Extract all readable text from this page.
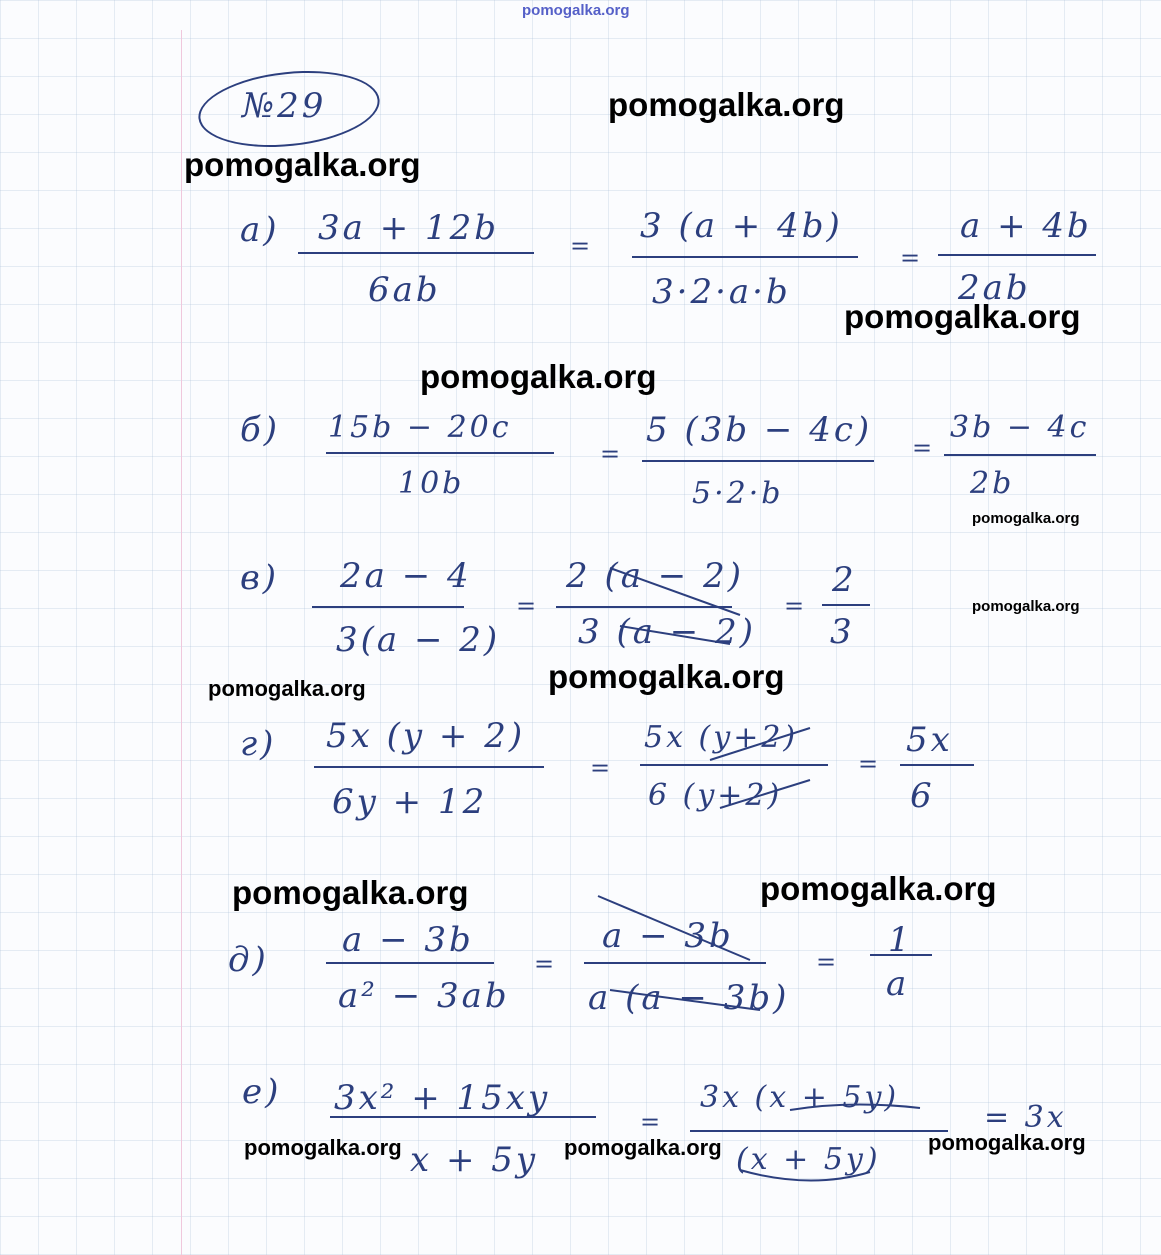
pomogalka.org
№29
а) 3a + 12b
6ab
= 3 (a + 4b)
3·2·a·b
=
a + 4b
2ab
б) 15b − 20c
10b
=
5 (3b − 4c)
5·2·b
=
3b − 4c
2b
в) 2a − 4
3(a − 2)
=
2 (a − 2)
3 (a − 2)
=
2
3
г) 5x (y + 2)
6y + 12
=
5x (y+2)
6 (y+2)
=
5x
6
д) a − 3b
a² − 3ab
=
a − 3b
a (a − 3b)
=
1
a
е) 3x² + 15xy
x + 5y
=
3x (x + 5y)
(x + 5y)
= 3x
pomogalka.org
pomogalka.org
pomogalka.org
pomogalka.org
pomogalka.org
pomogalka.org
pomogalka.org
pomogalka.org
pomogalka.org
pomogalka.org
pomogalka.org
pomogalka.org	pomogalka.org
